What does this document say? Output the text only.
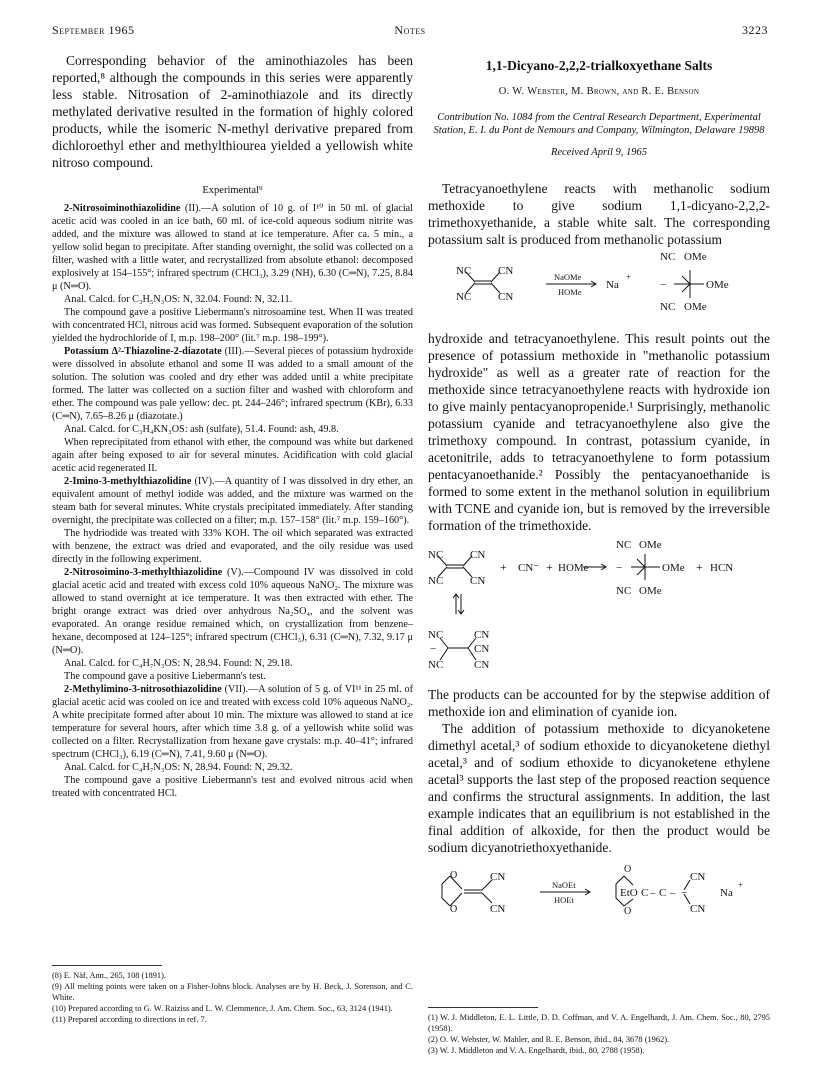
September 1965	Notes	3223

Corresponding behavior of the aminothiazoles has been reported,⁸ although the compounds in this series were apparently less stable. Nitrosation of 2-aminothiazole and its directly methylated derivative resulted in the formation of highly colored products, while the isomeric N-methyl derivative prepared from dichloroethyl ether and methylthiourea yielded a yellowish white nitroso compound.

Experimental⁹

2-Nitrosoiminothiazolidine (II).—A solution of 10 g. of I¹⁰ in 50 ml. of glacial acetic acid was cooled in an ice bath, 60 ml. of ice-cold aqueous sodium nitrite was added, and the mixture was allowed to stand at ice temperature. After ca. 5 min., a yellow solid began to precipitate. After standing overnight, the solid was collected on a filter, washed with a little water, and recrystallized from absolute ethanol: decomposed explosively at 154–155°; infrared spectrum (CHCl₃), 3.29 (NH), 6.30 (C═N), 7.25, 8.84 μ (N═O).

Anal. Calcd. for C₃H₅N₃OS: N, 32.04. Found: N, 32.11.

The compound gave a positive Liebermann's nitrosoamine test. When II was treated with concentrated HCl, nitrous acid was formed. Subsequent evaporation of the solution yielded the hydrochloride of I, m.p. 198–200° (lit.⁷ m.p. 198–199°).

Potassium Δ²-Thiazoline-2-diazotate (III).—Several pieces of potassium hydroxide were dissolved in absolute ethanol and some II was added to a small amount of the solution. The solution was cooled and dry ether was added until a white precipitate formed. The latter was collected on a suction filter and washed with chloroform and ether. The compound was pale yellow: dec. pt. 244–246°; infrared spectrum (KBr), 6.33 (C═N), 7.65–8.26 μ (diazotate.)

Anal. Calcd. for C₃H₄KN₃OS: ash (sulfate), 51.4. Found: ash, 49.8.

When reprecipitated from ethanol with ether, the compound was white but darkened again after being exposed to air for several minutes. Acidification with cold glacial acetic acid regenerated II.

2-Imino-3-methylthiazolidine (IV).—A quantity of I was dissolved in dry ether, an equivalent amount of methyl iodide was added, and the mixture was warmed on the steam bath for several minutes. White crystals precipitated immediately. After standing overnight, the precipitate was collected on a filter; m.p. 157–158° (lit.⁷ m.p. 159–160°).

The hydriodide was treated with 33% KOH. The oil which separated was extracted with benzene, the extract was dried and evaporated, and the oily residue was used directly in the following experiment.

2-Nitrosoimino-3-methylthiazolidine (V).—Compound IV was dissolved in cold glacial acetic acid and treated with excess cold 10% aqueous NaNO₂. The mixture was allowed to stand overnight at ice temperature. It was then extracted with ether. The bright orange extract was dried over anhydrous Na₂SO₄, and the solvent was evaporated. An orange residue remained which, on crystallization from benzene–hexane, decomposed at 124–125°; infrared spectrum (CHCl₃), 6.31 (C═N), 7.32, 9.17 μ (N═O).

Anal. Calcd. for C₄H₇N₃OS: N, 28.94. Found: N, 29.18.

The compound gave a positive Liebermann's test.

2-Methylimino-3-nitrosothiazolidine (VII).—A solution of 5 g. of VI¹¹ in 25 ml. of glacial acetic acid was cooled on ice and treated with excess cold 10% aqueous NaNO₂. A white precipitate formed after about 10 min. The mixture was allowed to stand at ice temperature for several hours, after which time 3.8 g. of a yellowish white solid was collected on a filter. Recrystallization from hexane gave crystals: m.p. 40–41°; infrared spectrum (CHCl₃), 6.19 (C═N), 7.41, 9.60 μ (N═O).

Anal. Calcd. for C₄H₇N₃OS: N, 28.94. Found: N, 29.32.

The compound gave a positive Liebermann's test and evolved nitrous acid when treated with concentrated HCl.

(8) E. Näf, Ann., 265, 108 (1891).

(9) All melting points were taken on a Fisher-Johns block. Analyses are by H. Beck, J. Sorenson, and C. White.

(10) Prepared according to G. W. Raiziss and L. W. Clemmence, J. Am. Chem. Soc., 63, 3124 (1941).

(11) Prepared according to directions in ref. 7.

1,1-Dicyano-2,2,2-trialkoxyethane Salts
O. W. Webster, M. Brown, and R. E. Benson
Contribution No. 1084 from the Central Research Department, Experimental Station, E. I. du Pont de Nemours and Company, Wilmington, Delaware 19898
Received April 9, 1965

Tetracyanoethylene reacts with methanolic sodium methoxide to give sodium 1,1-dicyano-2,2,2-trimethoxyethanide, a stable white salt. The corresponding potassium salt is produced from methanolic potassium

NC CN
NC CN
NaOMe
HOMe
Na
+
NC OMe
−	OMe
NC OMe

hydroxide and tetracyanoethylene. This result points out the presence of potassium methoxide in "methanolic potassium hydroxide" as well as a greater rate of reaction for the methoxide since tetracyanoethylene reacts with hydroxide ion to give mainly pentacyanopropenide.¹ Surprisingly, methanolic potassium cyanide and tetracyanoethylene also give the trimethoxy compound. In contrast, potassium cyanide, in acetonitrile, adds to tetracyanoethylene to form potassium pentacyanoethanide.² Possibly the pentacyanoethanide is formed to some extent in the methanol solution in equilibrium with TCNE and cyanide ion, but is removed by the irreversible formation of the trimethoxide.

NC CN
NC CN
+ CN⁻ + HOMe
NC OMe
−	OMe
NC OMe
+ HCN
NC	CN
−	CN
NC	CN

The products can be accounted for by the stepwise addition of methoxide ion and elimination of cyanide ion.

The addition of potassium methoxide to dicyanoketene dimethyl acetal,³ of sodium ethoxide to dicyanoketene diethyl acetal,³ and of sodium ethoxide to dicyanoketene ethylene acetal³ supports the last step of the proposed reaction sequence and confirms the structural assignments. In addition, the last example indicates that an equilibrium is not established in the final addition of alkoxide, for then the product would be sodium dicyanotriethoxyethanide.

O
O
CN
CN
NaOEt
HOEt
O
O
EtO C – C –
CN
−
CN
Na
+

(1) W. J. Middleton, E. L. Little, D. D. Coffman, and V. A. Engelhardt, J. Am. Chem. Soc., 80, 2795 (1958).

(2) O. W. Webster, W. Mahler, and R. E. Benson, ibid., 84, 3678 (1962).

(3) W. J. Middleton and V. A. Engelhardt, ibid., 80, 2788 (1958).
